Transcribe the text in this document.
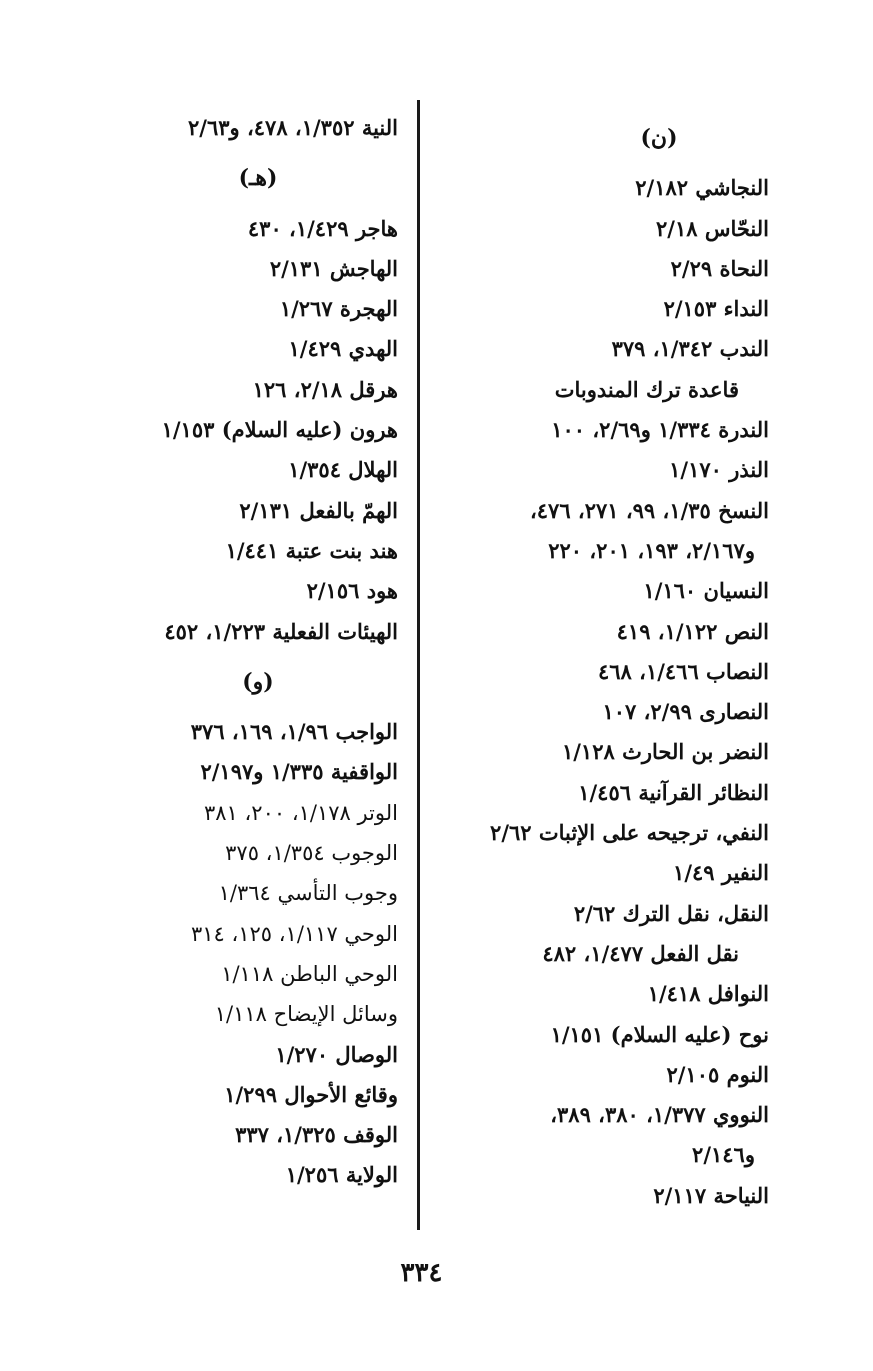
(ن)
النجاشي ٢/١٨٢
النحّاس ٢/١٨
النحاة ٢/٢٩
النداء ٢/١٥٣
الندب ١/٣٤٢، ٣٧٩
قاعدة ترك المندوبات
الندرة ١/٣٣٤ و٢/٦٩، ١٠٠
النذر ١/١٧٠
النسخ ١/٣٥، ٩٩، ٢٧١، ٤٧٦،
و٢/١٦٧، ١٩٣، ٢٠١، ٢٢٠
النسيان ١/١٦٠
النص ١/١٢٢، ٤١٩
النصاب ١/٤٦٦، ٤٦٨
النصارى ٢/٩٩، ١٠٧
النضر بن الحارث ١/١٢٨
النظائر القرآنية ١/٤٥٦
النفي، ترجيحه على الإثبات ٢/٦٢
النفير ١/٤٩
النقل، نقل الترك ٢/٦٢
نقل الفعل ١/٤٧٧، ٤٨٢
النوافل ١/٤١٨
نوح (عليه السلام) ١/١٥١
النوم ٢/١٠٥
النووي ١/٣٧٧، ٣٨٠، ٣٨٩،
و٢/١٤٦
النياحة ٢/١١٧
النية ١/٣٥٢، ٤٧٨، و٢/٦٣
(هـ)
هاجر ١/٤٢٩، ٤٣٠
الهاجش ٢/١٣١
الهجرة ١/٢٦٧
الهدي ١/٤٢٩
هرقل ٢/١٨، ١٢٦
هرون (عليه السلام) ١/١٥٣
الهلال ١/٣٥٤
الهمّ بالفعل ٢/١٣١
هند بنت عتبة ١/٤٤١
هود ٢/١٥٦
الهيئات الفعلية ١/٢٢٣، ٤٥٢
(و)
الواجب ١/٩٦، ١٦٩، ٣٧٦
الواقفية ١/٣٣٥ و٢/١٩٧
الوتر ١/١٧٨، ٢٠٠، ٣٨١
الوجوب ١/٣٥٤، ٣٧٥
وجوب التأسي ١/٣٦٤
الوحي ١/١١٧، ١٢٥، ٣١٤
الوحي الباطن ١/١١٨
وسائل الإيضاح ١/١١٨
الوصال ١/٢٧٠
وقائع الأحوال ١/٢٩٩
الوقف ١/٣٢٥، ٣٣٧
الولاية ١/٢٥٦
٣٣٤
